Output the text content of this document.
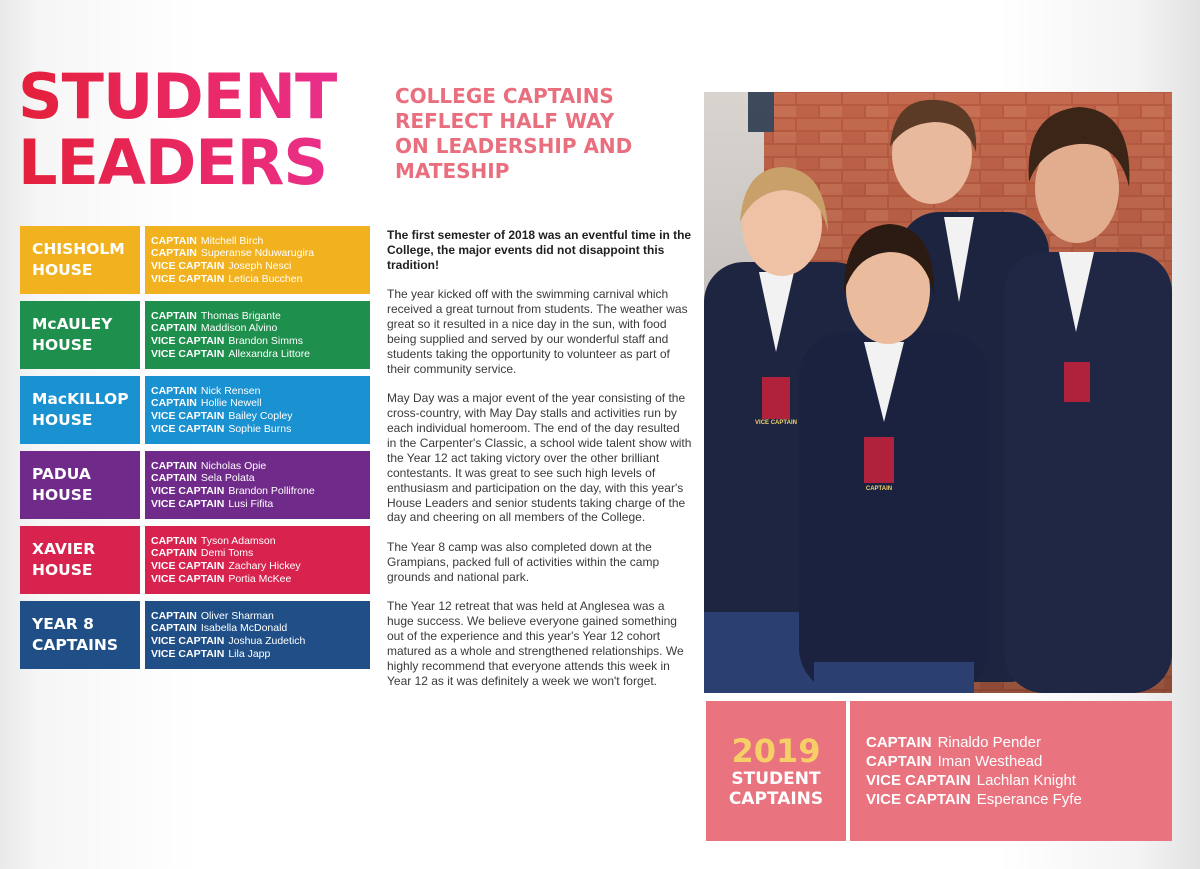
STUDENT
LEADERS
COLLEGE CAPTAINS
REFLECT HALF WAY
ON LEADERSHIP AND
MATESHIP
CHISHOLM
HOUSE
CAPTAIN Mitchell Birch
CAPTAIN Superanse Nduwarugira
VICE CAPTAIN Joseph Nesci
VICE CAPTAIN Leticia Bucchen
McAULEY
HOUSE
CAPTAIN Thomas Brigante
CAPTAIN Maddison Alvino
VICE CAPTAIN Brandon Simms
VICE CAPTAIN Allexandra Littore
MacKILLOP
HOUSE
CAPTAIN Nick Rensen
CAPTAIN Hollie Newell
VICE CAPTAIN Bailey Copley
VICE CAPTAIN Sophie Burns
PADUA
HOUSE
CAPTAIN Nicholas Opie
CAPTAIN Sela Polata
VICE CAPTAIN Brandon Pollifrone
VICE CAPTAIN Lusi Fifita
XAVIER
HOUSE
CAPTAIN Tyson Adamson
CAPTAIN Demi Toms
VICE CAPTAIN Zachary Hickey
VICE CAPTAIN Portia McKee
YEAR 8
CAPTAINS
CAPTAIN Oliver Sharman
CAPTAIN Isabella McDonald
VICE CAPTAIN Joshua Zudetich
VICE CAPTAIN Lila Japp

The first semester of 2018 was an eventful time in the College, the major events did not disappoint this tradition!

The year kicked off with the swimming carnival which received a great turnout from students. The weather was great so it resulted in a nice day in the sun, with food being supplied and served by our wonderful staff and students taking the opportunity to volunteer as part of their community service.

May Day was a major event of the year consisting of the cross-country, with May Day stalls and activities run by each individual homeroom. The end of the day resulted in the Carpenter's Classic, a school wide talent show with the Year 12 act taking victory over the other brilliant contestants. It was great to see such high levels of enthusiasm and participation on the day, with this year's House Leaders and senior students taking charge of the day and cheering on all members of the College.

The Year 8 camp was also completed down at the Grampians, packed full of activities within the camp grounds and national park.

The Year 12 retreat that was held at Anglesea was a huge success. We believe everyone gained something out of the experience and this year's Year 12 cohort matured as a whole and strengthened relationships. We highly recommend that everyone attends this week in Year 12 as it was definitely a week we won't forget.

VICE CAPTAIN
CAPTAIN
2019
STUDENT
CAPTAINS
CAPTAIN Rinaldo Pender
CAPTAIN Iman Westhead
VICE CAPTAIN Lachlan Knight
VICE CAPTAIN Esperance Fyfe
